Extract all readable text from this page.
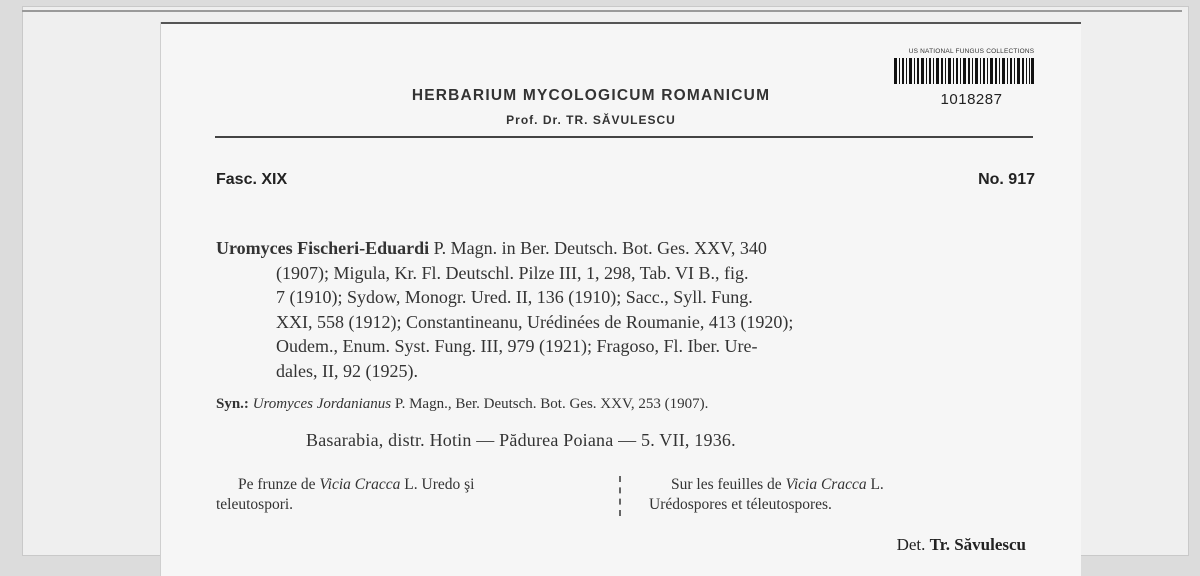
HERBARIUM MYCOLOGICUM ROMANICUM
Prof. Dr. TR. SĂVULESCU
US NATIONAL FUNGUS COLLECTIONS
1018287
Fasc. XIX	No. 917
Uromyces Fischeri-Eduardi P. Magn. in Ber. Deutsch. Bot. Ges. XXV, 340
(1907); Migula, Kr. Fl. Deutschl. Pilze III, 1, 298, Tab. VI B., fig.
7 (1910); Sydow, Monogr. Ured. II, 136 (1910); Sacc., Syll. Fung.
XXI, 558 (1912); Constantineanu, Urédinées de Roumanie, 413 (1920);
Oudem., Enum. Syst. Fung. III, 979 (1921); Fragoso, Fl. Iber. Ure-
dales, II, 92 (1925).
Syn.: Uromyces Jordanianus P. Magn., Ber. Deutsch. Bot. Ges. XXV, 253 (1907).
Basarabia, distr. Hotin — Pădurea Poiana — 5. VII, 1936.
Pe frunze de Vicia Cracca L. Uredo şi
teleutospori.
Sur les feuilles de Vicia Cracca L.
Urédospores et téleutospores.
Det. Tr. Săvulescu
